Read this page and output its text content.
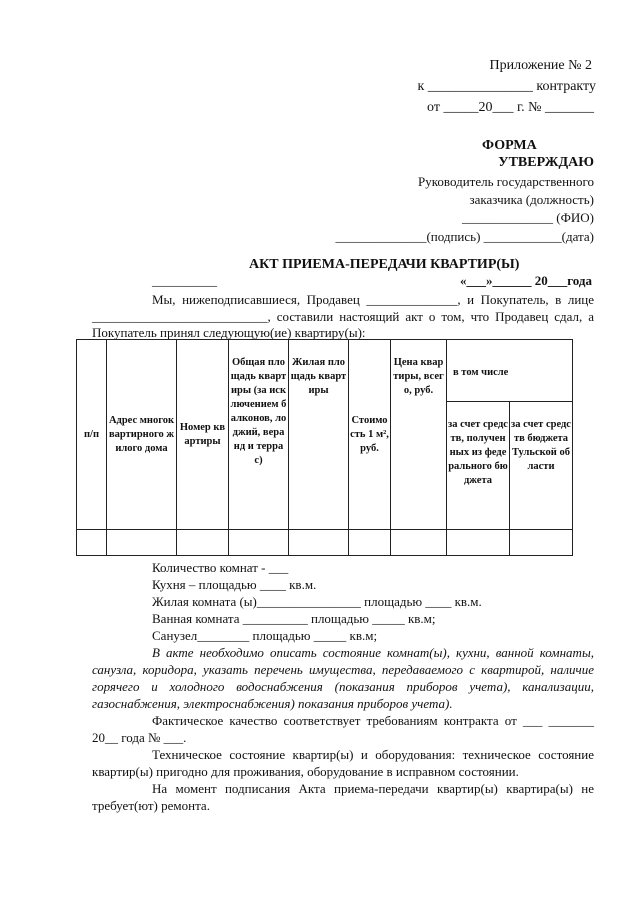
Приложение № 2
к _______________ контракту
от _____20___ г. № _______
ФОРМА
УТВЕРЖДАЮ
Руководитель государственного
заказчика (должность)
______________ (ФИО)
______________(подпись) ____________(дата)
АКТ ПРИЕМА-ПЕРЕДАЧИ КВАРТИР(Ы)
__________	«___»______ 20___года
Мы, нижеподписавшиеся, Продавец ______________, и Покупатель, в лице
___________________________, составили настоящий акт о том, что Продавец сдал, а
Покупатель принял следующую(ие) квартиру(ы):
п/п	Адрес многоквартирного жилого дома	Номер квартиры	Общая площадь квартиры (за исключением балконов, лоджий, веранд и террас)	Жилая площадь квартиры	Стоимость 1 м², руб.	Цена квартиры, всего, руб.	в том числе	
							за счет средств, полученных из федерального бюджета	за счет средств бюджета Тульской области

Количество комнат - ___
Кухня – площадью ____ кв.м.
Жилая комната (ы)________________ площадью ____ кв.м.
Ванная комната __________ площадью _____ кв.м;
Санузел________ площадью _____ кв.м;
В акте необходимо описать состояние комнат(ы), кухни, ванной комнаты,
санузла, коридора, указать перечень имущества, передаваемого с квартирой, наличие
горячего и холодного водоснабжения (показания приборов учета), канализации,
газоснабжения, электроснабжения) показания приборов учета).
Фактическое качество соответствует требованиям контракта от ___ _______
20__ года № ___.
Техническое состояние квартир(ы) и оборудования: техническое состояние
квартир(ы) пригодно для проживания, оборудование в исправном состоянии.
На момент подписания Акта приема-передачи квартир(ы) квартира(ы) не
требует(ют) ремонта.
